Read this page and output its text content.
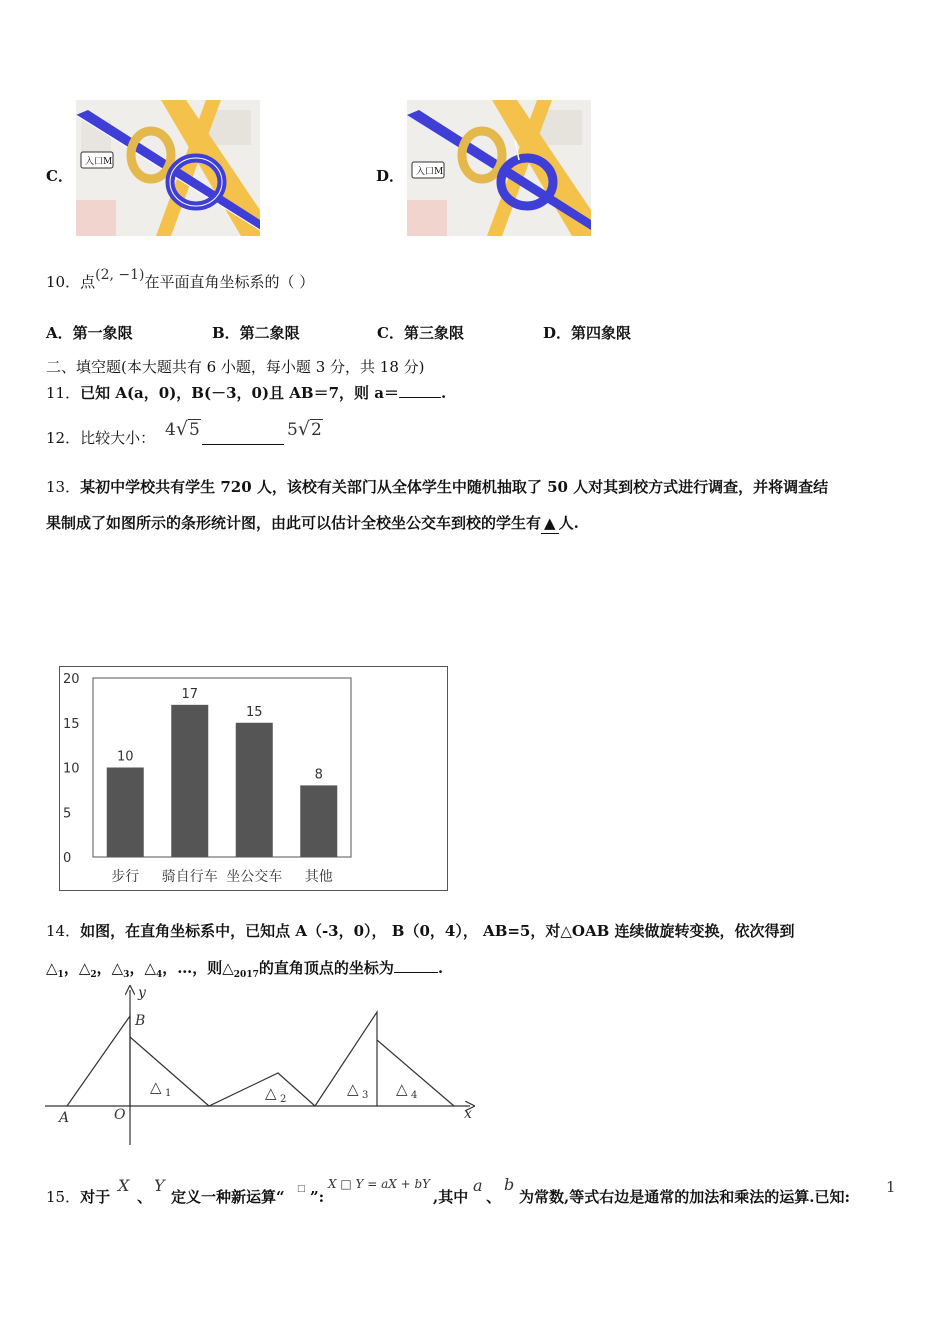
C．
入口M
D． 入口M
10．点(2, −1)在平面直角坐标系的（ ）
A．第一象限	B．第二象限	C．第三象限	D．第四象限
二、填空题(本大题共有 6 小题，每小题 3 分，共 18 分)
11．已知 A(a，0)，B(－3，0)且 AB＝7，则 a＝	.
12．比较大小： 4√5	5√2
13．某初中学校共有学生 720 人，该校有关部门从全体学生中随机抽取了 50 人对其到校方式进行调查，并将调查结
果制成了如图所示的条形统计图，由此可以估计全校坐公交车到校的学生有 ▲ 人.
20
15
10
5
0
10
步行
17
骑自行车
15
坐公交车
8
其他
14．如图，在直角坐标系中，已知点 A（-3，0）， B（0，4）， AB=5，对△OAB 连续做旋转变换，依次得到
$\triangle_1$，$\triangle_2$，$\triangle_3$，$\triangle_4$，…，则$\triangle_{2017}$的直角顶点的坐标为	.
y
x
B
A	O
△ 1	△ 2
△ 3 △ 4
15．对于
X
、
Y
定义一种新运算“ □ ”:
X □ Y = aX + bY
,其中
a
、
b
为常数,等式右边是通常的加法和乘法的运算.已知:
1
